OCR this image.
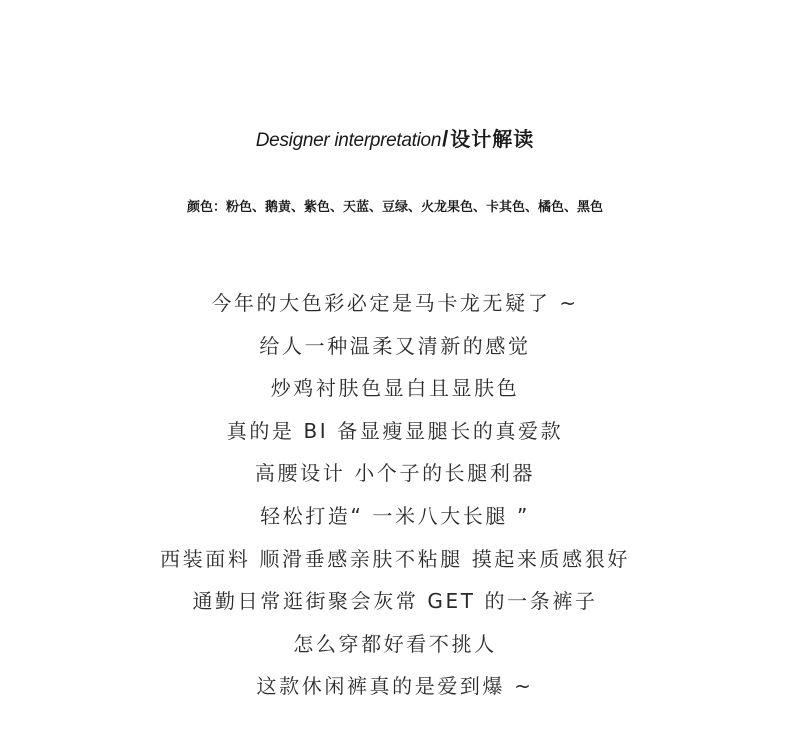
Designer interpretation/ 设计解读
颜色：粉色、鹅黄、紫色、天蓝、豆绿、火龙果色、卡其色、橘色、黑色
今年的大色彩必定是马卡龙无疑了 ~
给人一种温柔又清新的感觉
炒鸡衬肤色显白且显肤色
真的是 BI 备显瘦显腿长的真爱款
高腰设计 小个子的长腿利器
轻松打造“ 一米八大长腿 ”
西装面料 顺滑垂感亲肤不粘腿 摸起来质感狠好
通勤日常逛街聚会灰常 GET 的一条裤子
怎么穿都好看不挑人
这款休闲裤真的是爱到爆 ~
